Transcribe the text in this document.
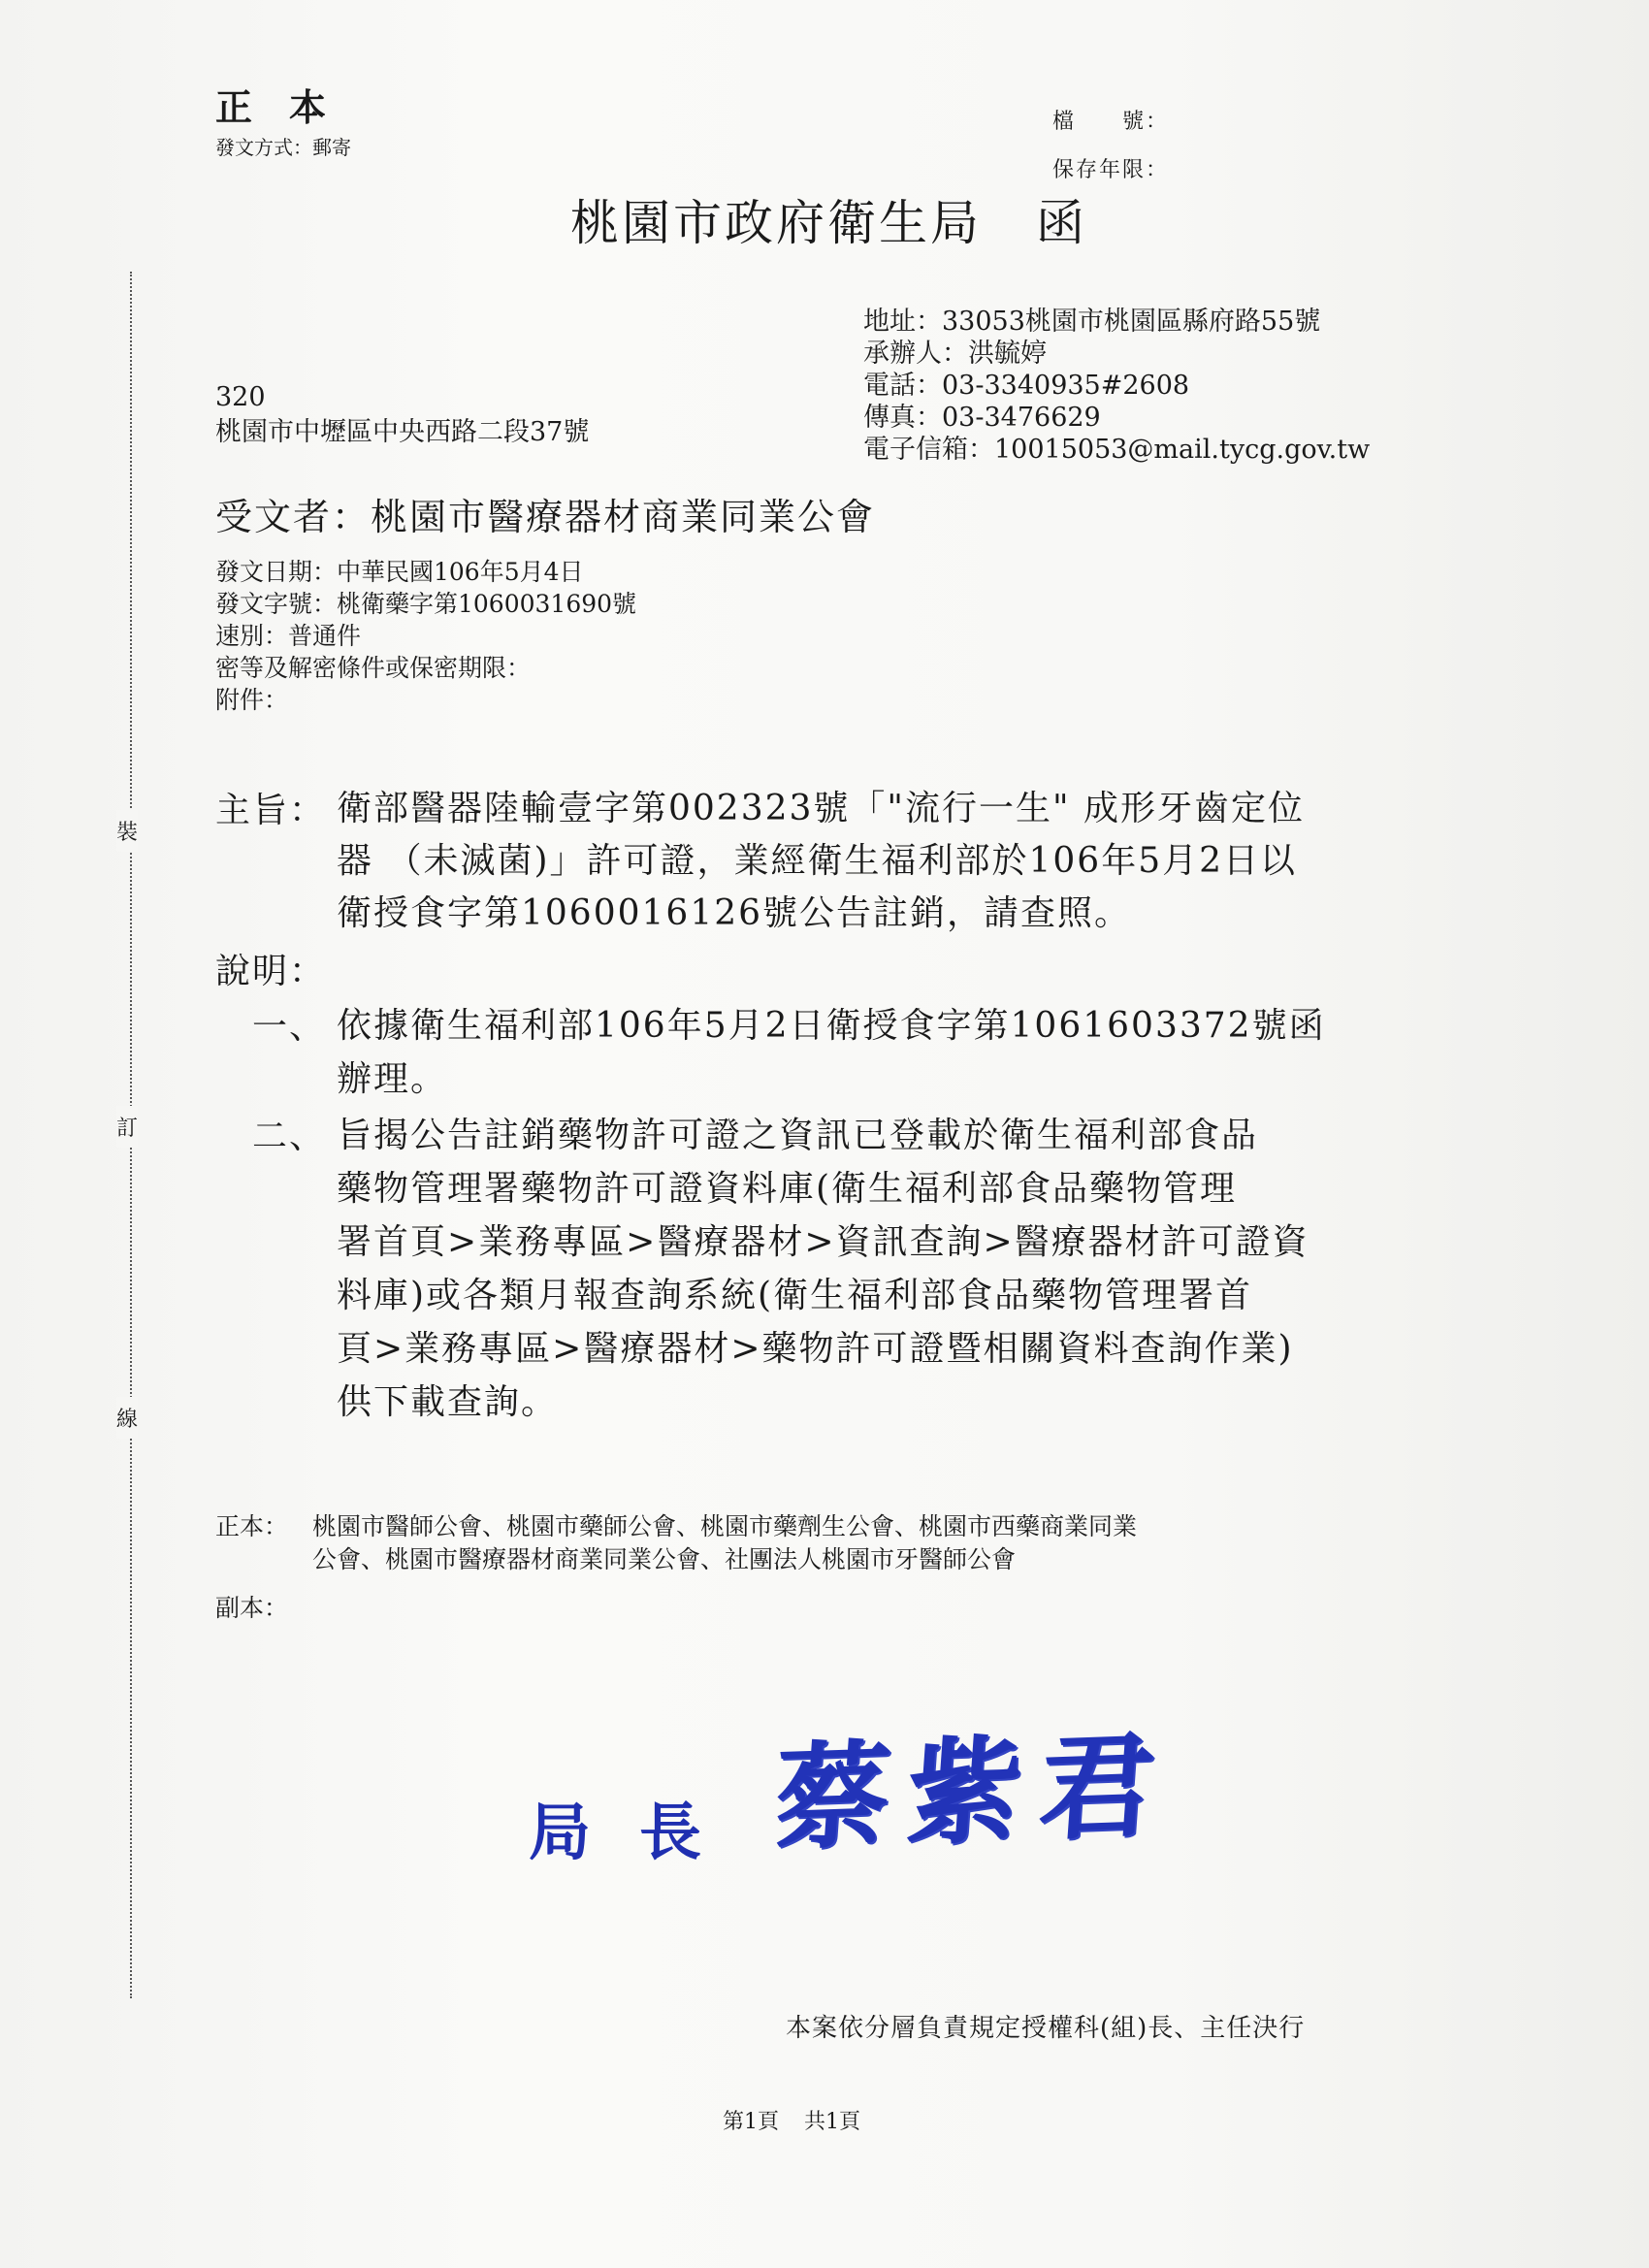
正本
發文方式：郵寄
檔　　號：
保存年限：
桃園市政府衛生局 函
裝
訂
線
地址：33053桃園市桃園區縣府路55號
承辦人：洪毓婷
電話：03-3340935#2608
傳真：03-3476629
電子信箱：10015053@mail.tycg.gov.tw
320
桃園市中壢區中央西路二段37號
受文者：桃園市醫療器材商業同業公會
發文日期：中華民國106年5月4日
發文字號：桃衛藥字第1060031690號
速別：普通件
密等及解密條件或保密期限：
附件：
主旨： 衛部醫器陸輸壹字第002323號「"流行一生" 成形牙齒定位
器 （未滅菌)」許可證，業經衛生福利部於106年5月2日以
衛授食字第1060016126號公告註銷，請查照。
說明：
一、 依據衛生福利部106年5月2日衛授食字第1061603372號函
辦理。
二、 旨揭公告註銷藥物許可證之資訊已登載於衛生福利部食品
藥物管理署藥物許可證資料庫(衛生福利部食品藥物管理
署首頁>業務專區>醫療器材>資訊查詢>醫療器材許可證資
料庫)或各類月報查詢系統(衛生福利部食品藥物管理署首
頁>業務專區>醫療器材>藥物許可證暨相關資料查詢作業)
供下載查詢。
正本： 桃園市醫師公會、桃園市藥師公會、桃園市藥劑生公會、桃園市西藥商業同業
公會、桃園市醫療器材商業同業公會、社團法人桃園市牙醫師公會
副本：
局長 蔡紫君
本案依分層負責規定授權科(組)長、主任決行
第1頁 共1頁
